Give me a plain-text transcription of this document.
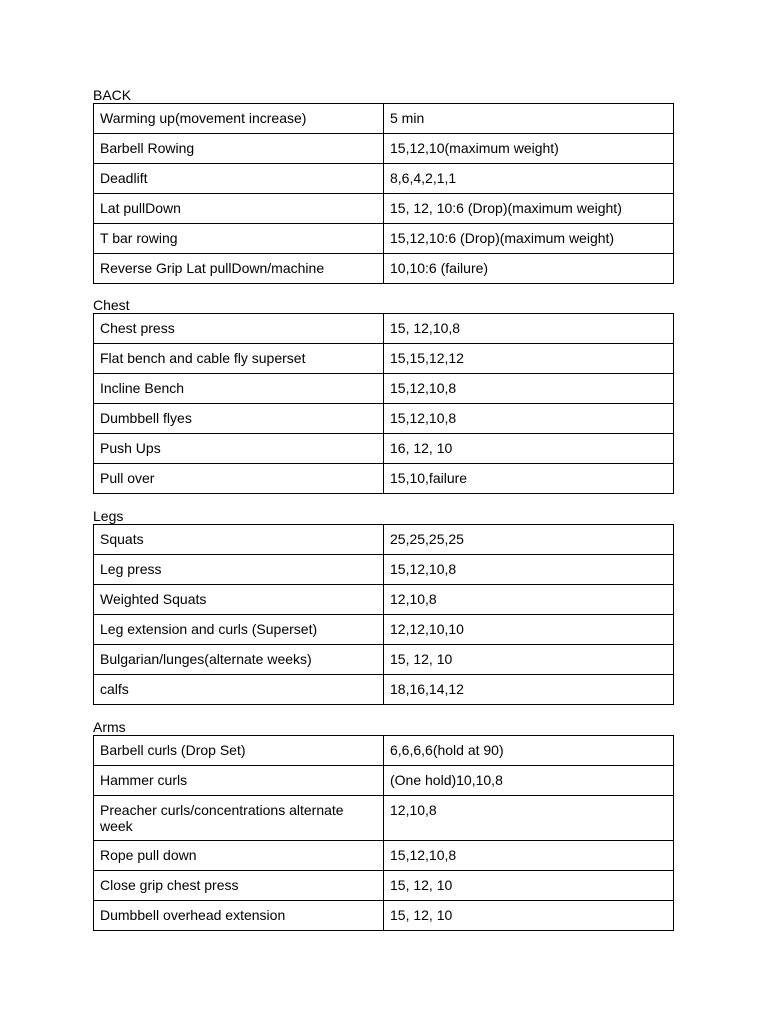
BACK
Warming up(movement increase)	5 min
Barbell Rowing	15,12,10(maximum weight)
Deadlift	8,6,4,2,1,1
Lat pullDown	15, 12, 10:6 (Drop)(maximum weight)
T bar rowing	15,12,10:6 (Drop)(maximum weight)
Reverse Grip Lat pullDown/machine	10,10:6 (failure)
Chest
Chest press	15, 12,10,8
Flat bench and cable fly superset	15,15,12,12
Incline Bench	15,12,10,8
Dumbbell flyes	15,12,10,8
Push Ups	16, 12, 10
Pull over	15,10,failure
Legs
Squats	25,25,25,25
Leg press	15,12,10,8
Weighted Squats	12,10,8
Leg extension and curls (Superset)	12,12,10,10
Bulgarian/lunges(alternate weeks)	15, 12, 10
calfs	18,16,14,12
Arms
Barbell curls (Drop Set)	6,6,6,6(hold at 90)
Hammer curls	(One hold)10,10,8
Preacher curls/concentrations alternate week	12,10,8
Rope pull down	15,12,10,8
Close grip chest press	15, 12, 10
Dumbbell overhead extension	15, 12, 10
